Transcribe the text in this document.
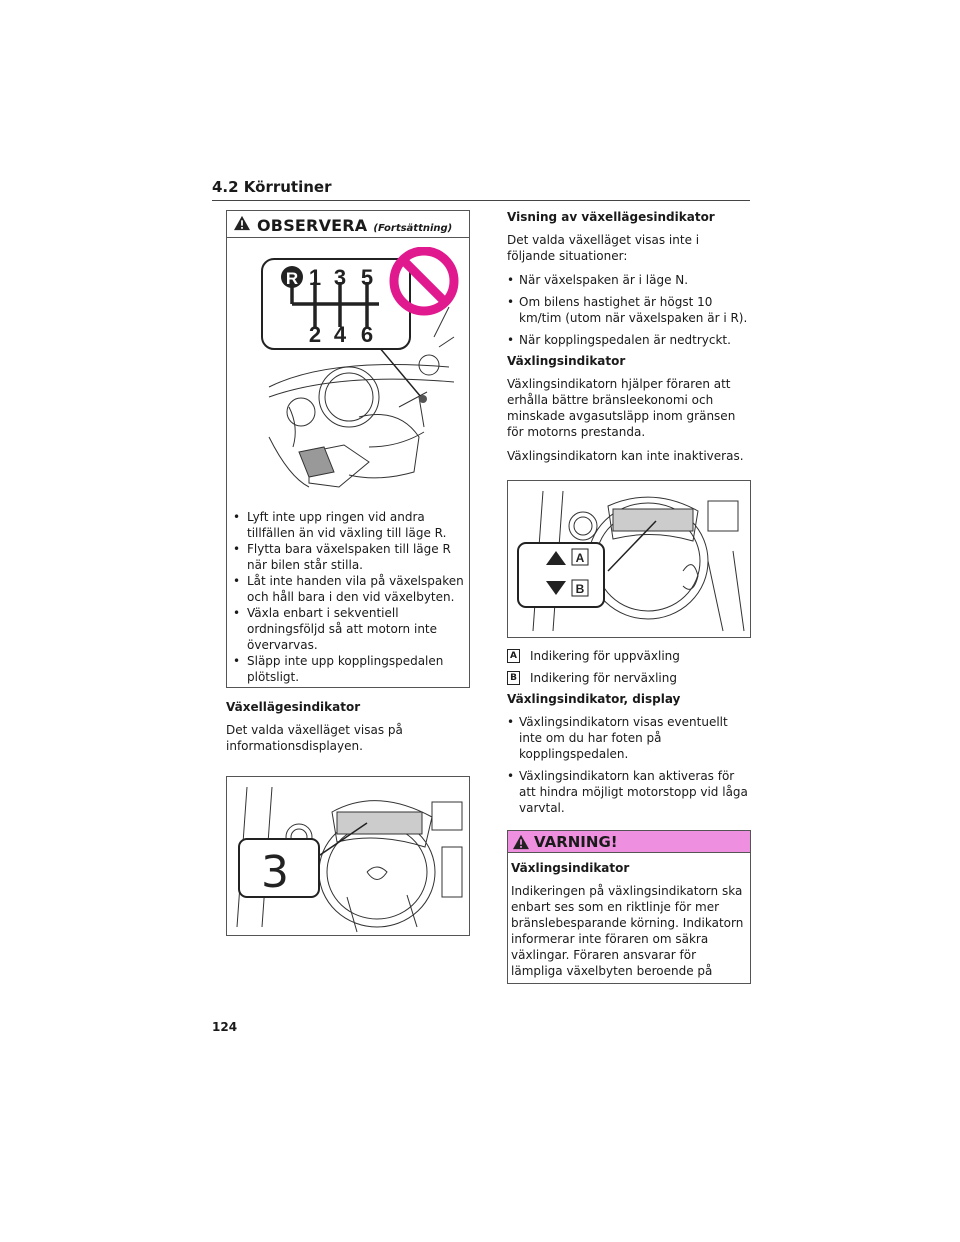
4.2 Körrutiner
OBSERVERA (Fortsättning)
R 1 3 5
2 4 6
• Lyft inte upp ringen vid andra tillfällen än vid växling till läge R.
• Flytta bara växelspaken till läge R när bilen står stilla.
• Låt inte handen vila på växelspaken och håll bara i den vid växelbyten.
• Växla enbart i sekventiell ordningsföljd så att motorn inte övervarvas.
• Släpp inte upp kopplingspedalen plötsligt.
Växellägesindikator
Det valda växelläget visas på informationsdisplayen.
3
Visning av växellägesindikator
Det valda växelläget visas inte i följande situationer:
• När växelspaken är i läge N.
• Om bilens hastighet är högst 10 km/tim (utom när växelspaken är i R).
• När kopplingspedalen är nedtryckt.
Växlingsindikator
Växlingsindikatorn hjälper föraren att erhålla bättre bränsleekonomi och minskade avgasutsläpp inom gränsen för motorns prestanda.
Växlingsindikatorn kan inte inaktiveras.
A
B
A Indikering för uppväxling
B Indikering för nerväxling
Växlingsindikator, display
• Växlingsindikatorn visas eventuellt inte om du har foten på kopplingspedalen.
• Växlingsindikatorn kan aktiveras för att hindra möjligt motorstopp vid låga varvtal.
VARNING!
Växlingsindikator
Indikeringen på växlingsindikatorn ska enbart ses som en riktlinje för mer bränslebesparande körning. Indikatorn informerar inte föraren om säkra växlingar. Föraren ansvarar för lämpliga växelbyten beroende på
124
